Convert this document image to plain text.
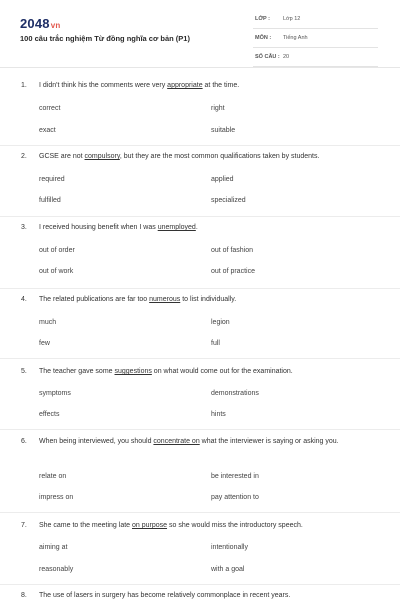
2048vn
100 câu trắc nghiệm Từ đồng nghĩa cơ bản (P1)
LỚP : Lớp 12
MÔN : Tiếng Anh
SỐ CÂU : 20
1. I didn't think his the comments were very appropriate at the time.
correct	right
exact	suitable
2. GCSE are not compulsory, but they are the most common qualifications taken by students.
required	applied
fulfilled	specialized
3. I received housing benefit when I was unemployed.
out of order	out of fashion
out of work	out of practice
4. The related publications are far too numerous to list individually.
much	legion
few	full
5. The teacher gave some suggestions on what would come out for the examination.
symptoms	demonstrations
effects	hints
6. When being interviewed, you should concentrate on what the interviewer is saying or asking you.
relate on	be interested in
impress on	pay attention to
7. She came to the meeting late on purpose so she would miss the introductory speech.
aiming at	intentionally
reasonably	with a goal
8. The use of lasers in surgery has become relatively commonplace in recent years.
